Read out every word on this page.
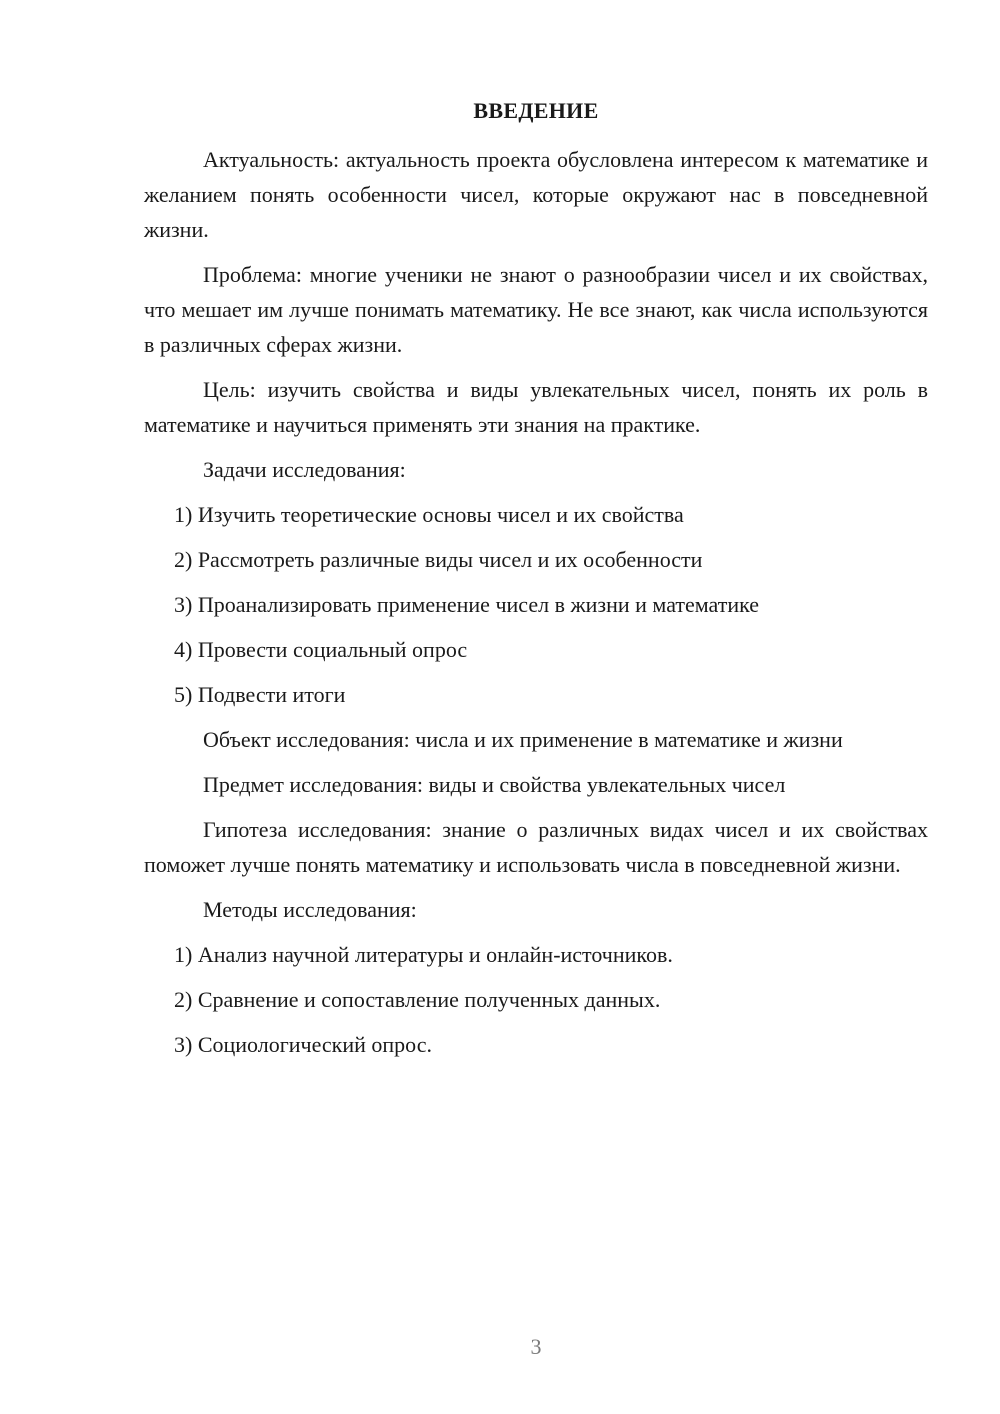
ВВЕДЕНИЕ

Актуальность: актуальность проекта обусловлена интересом к математике и желанием понять особенности чисел, которые окружают нас в повседневной жизни.

Проблема: многие ученики не знают о разнообразии чисел и их свойствах, что мешает им лучше понимать математику. Не все знают, как числа используются в различных сферах жизни.

Цель: изучить свойства и виды увлекательных чисел, понять их роль в математике и научиться применять эти знания на практике.

Задачи исследования:

1) Изучить теоретические основы чисел и их свойства

2) Рассмотреть различные виды чисел и их особенности

3) Проанализировать применение чисел в жизни и математике

4) Провести социальный опрос

5) Подвести итоги

Объект исследования: числа и их применение в математике и жизни

Предмет исследования: виды и свойства увлекательных чисел

Гипотеза исследования: знание о различных видах чисел и их свойствах поможет лучше понять математику и использовать числа в повседневной жизни.

Методы исследования:

1) Анализ научной литературы и онлайн-источников.

2) Сравнение и сопоставление полученных данных.

3) Социологический опрос.

3
